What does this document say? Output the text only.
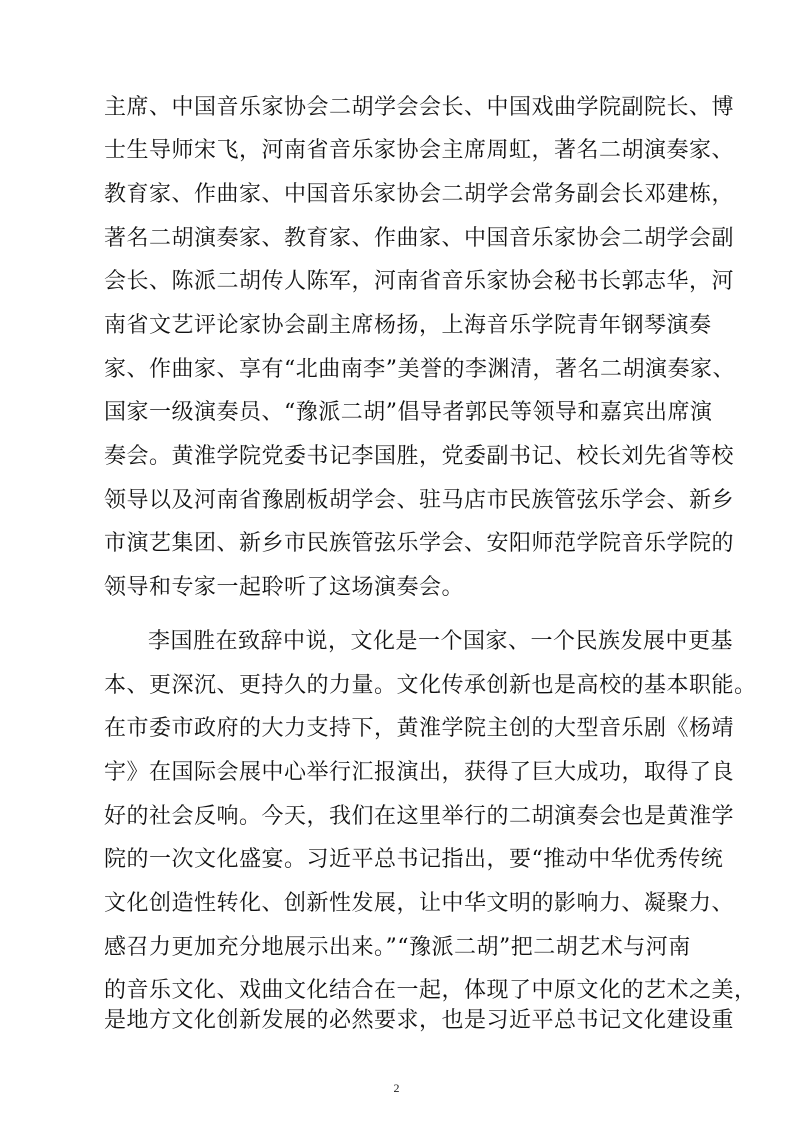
主席、中国音乐家协会二胡学会会长、中国戏曲学院副院长、博
士生导师宋飞，河南省音乐家协会主席周虹，著名二胡演奏家、
教育家、作曲家、中国音乐家协会二胡学会常务副会长邓建栋，
著名二胡演奏家、教育家、作曲家、中国音乐家协会二胡学会副
会长、陈派二胡传人陈军，河南省音乐家协会秘书长郭志华，河
南省文艺评论家协会副主席杨扬，上海音乐学院青年钢琴演奏
家、作曲家、享有“北曲南李”美誉的李渊清，著名二胡演奏家、
国家一级演奏员、“豫派二胡”倡导者郭民等领导和嘉宾出席演
奏会。黄淮学院党委书记李国胜，党委副书记、校长刘先省等校
领导以及河南省豫剧板胡学会、驻马店市民族管弦乐学会、新乡
市演艺集团、新乡市民族管弦乐学会、安阳师范学院音乐学院的
领导和专家一起聆听了这场演奏会。
李国胜在致辞中说，文化是一个国家、一个民族发展中更基
本、更深沉、更持久的力量。文化传承创新也是高校的基本职能。
在市委市政府的大力支持下，黄淮学院主创的大型音乐剧《杨靖
宇》在国际会展中心举行汇报演出，获得了巨大成功，取得了良
好的社会反响。今天，我们在这里举行的二胡演奏会也是黄淮学
院的一次文化盛宴。习近平总书记指出，要“推动中华优秀传统
文化创造性转化、创新性发展，让中华文明的影响力、凝聚力、
感召力更加充分地展示出来。”“豫派二胡”把二胡艺术与河南
的音乐文化、戏曲文化结合在一起，体现了中原文化的艺术之美，
是地方文化创新发展的必然要求，也是习近平总书记文化建设重
2
